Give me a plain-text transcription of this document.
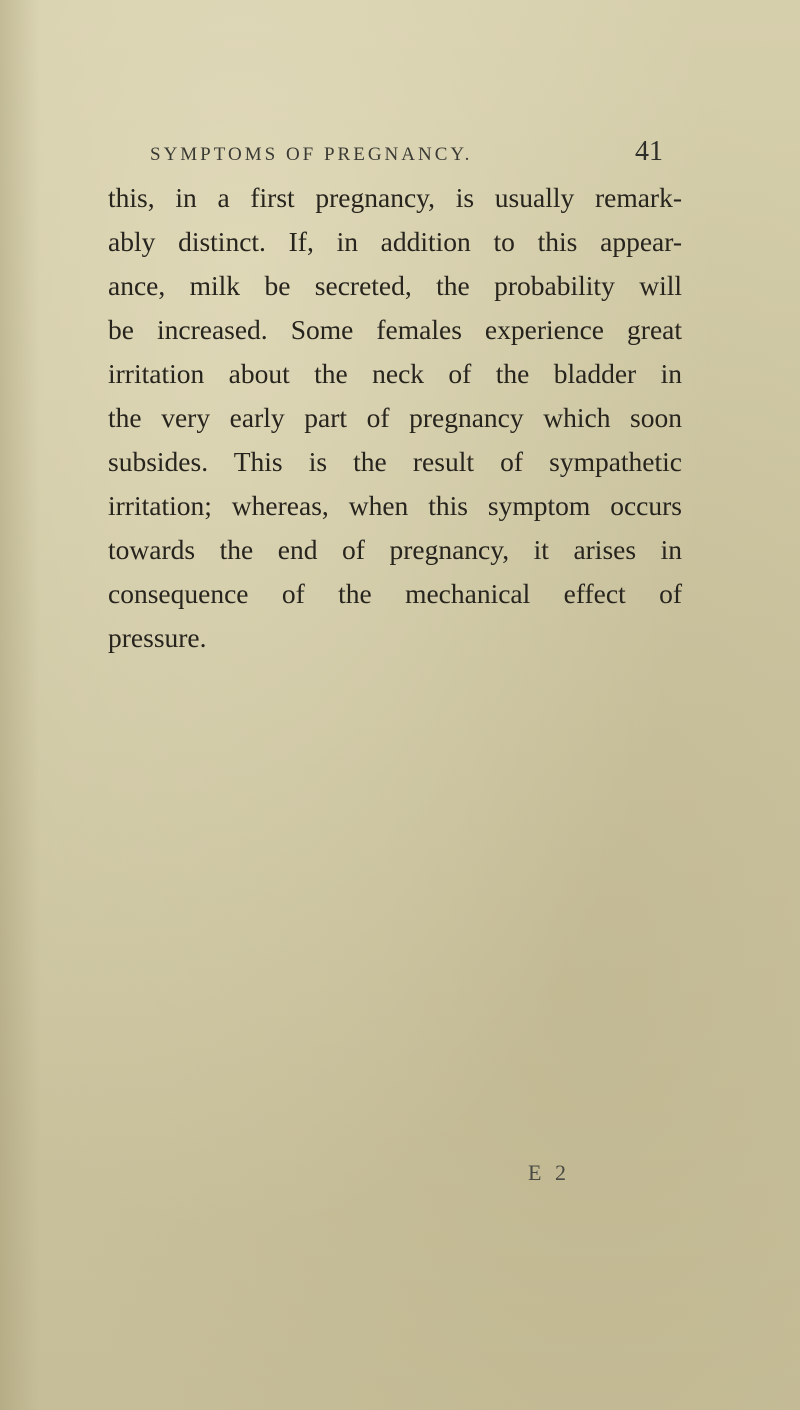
SYMPTOMS OF PREGNANCY.	41
this, in a first pregnancy, is usually remark-
ably distinct. If, in addition to this appear-
ance, milk be secreted, the probability will
be increased. Some females experience great
irritation about the neck of the bladder in
the very early part of pregnancy which soon
subsides. This is the result of sympathetic
irritation; whereas, when this symptom occurs
towards the end of pregnancy, it arises in
consequence of the mechanical effect of
pressure.
E 2
